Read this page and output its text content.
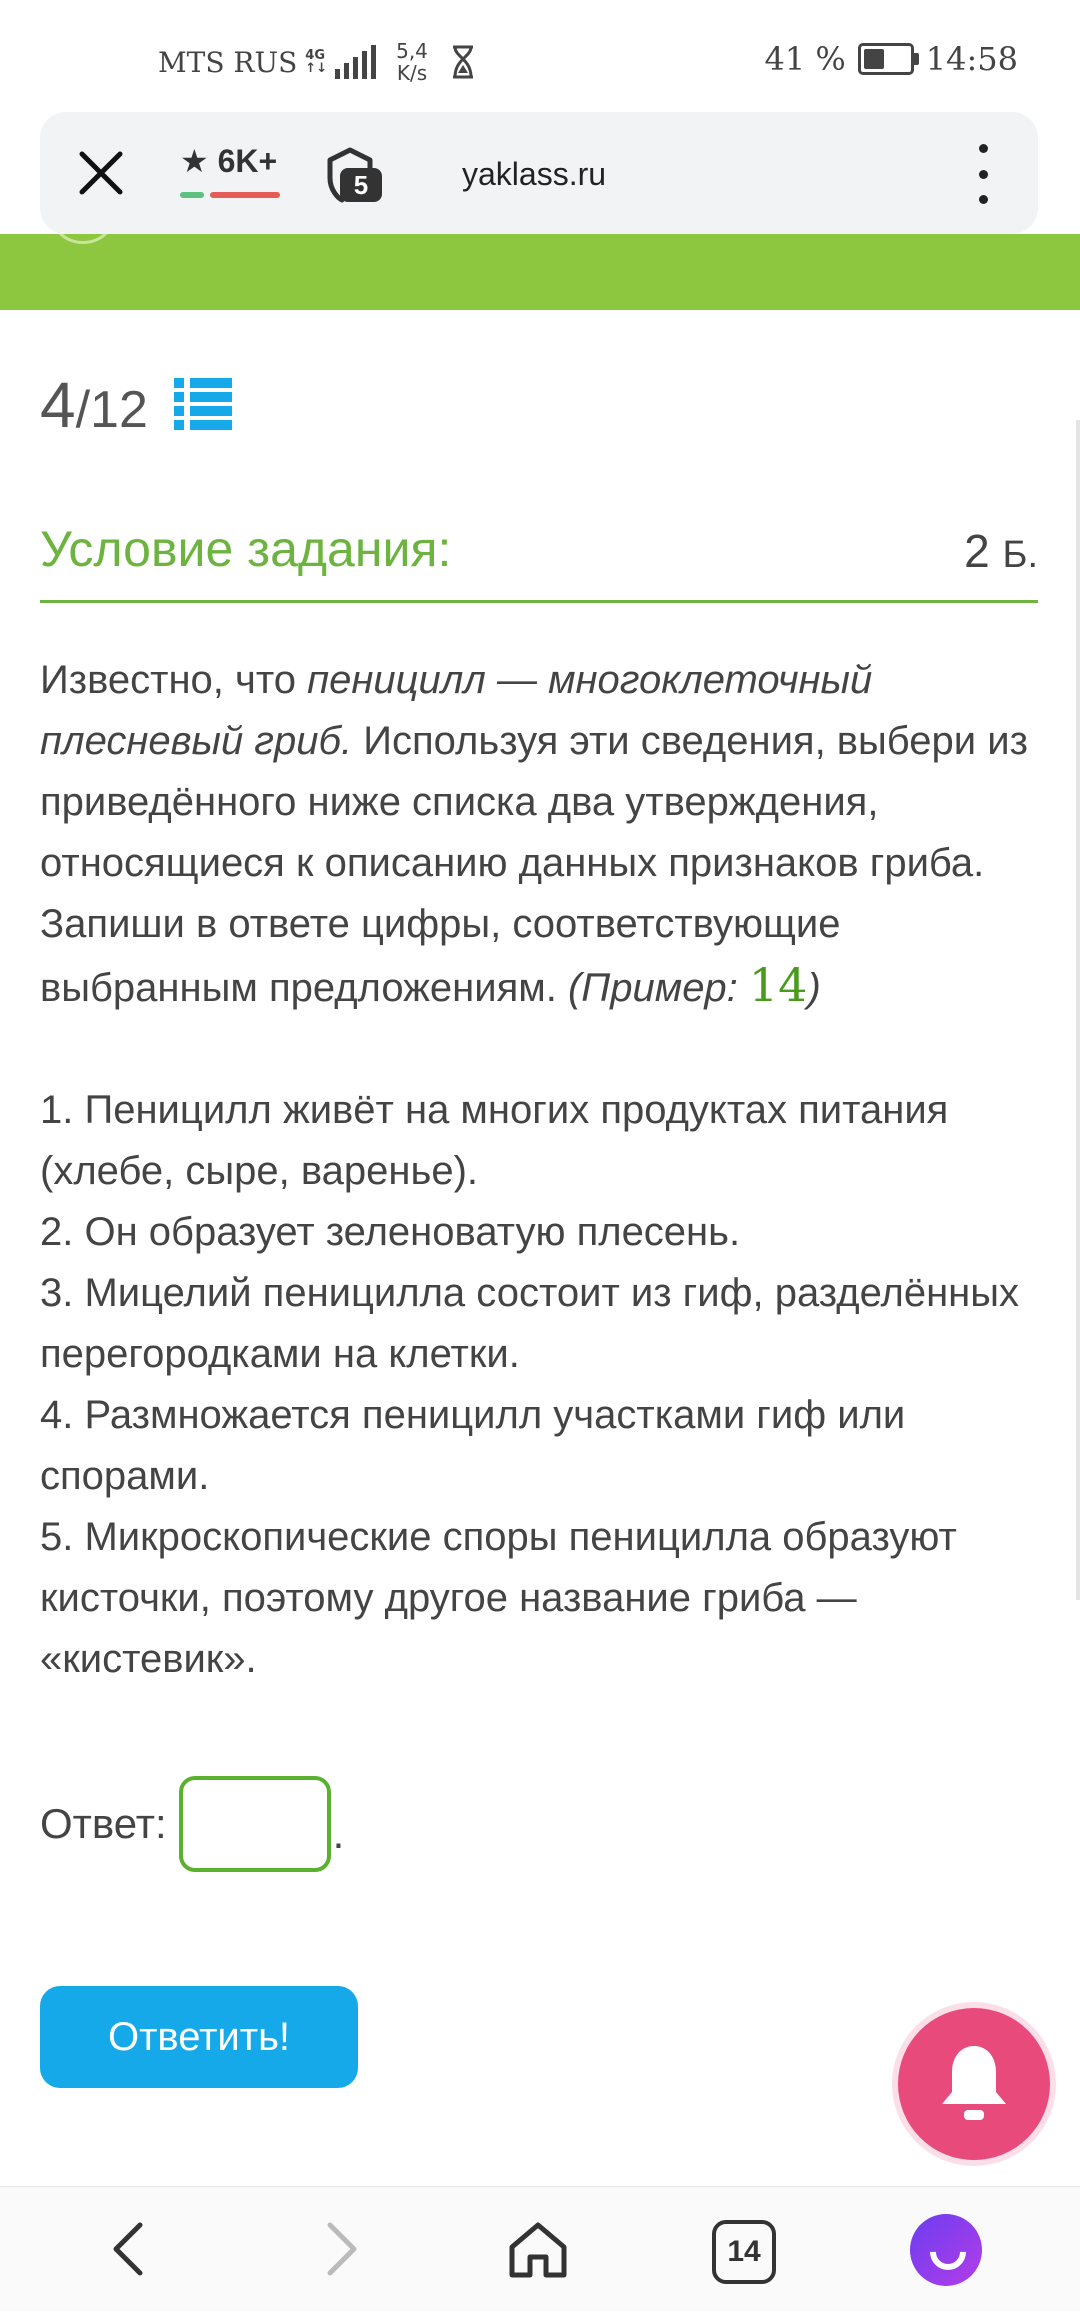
MTS RUS 4G
↑↓
5,4
K/s	41 %	14:58
★ 6K+
5	yaklass.ru
4 /12
Условие задания:	2 Б.
Известно, что пеницилл — многоклеточный плесневый гриб. Используя эти сведения, выбери из приведённого ниже списка два утверждения, относящиеся к описанию данных признаков гриба. Запиши в ответе цифры, соответствующие выбранным предложениям. (Пример: 14)

1. Пеницилл живёт на многих продуктах питания (хлебе, сыре, варенье).

2. Он образует зеленоватую плесень.

3. Мицелий пеницилла состоит из гиф, разделённых перегородками на клетки.

4. Размножается пеницилл участками гиф или спорами.

5. Микроскопические споры пеницилла образуют кисточки, поэтому другое название гриба — «кистевик».

Ответ:	.
Ответить!
14
